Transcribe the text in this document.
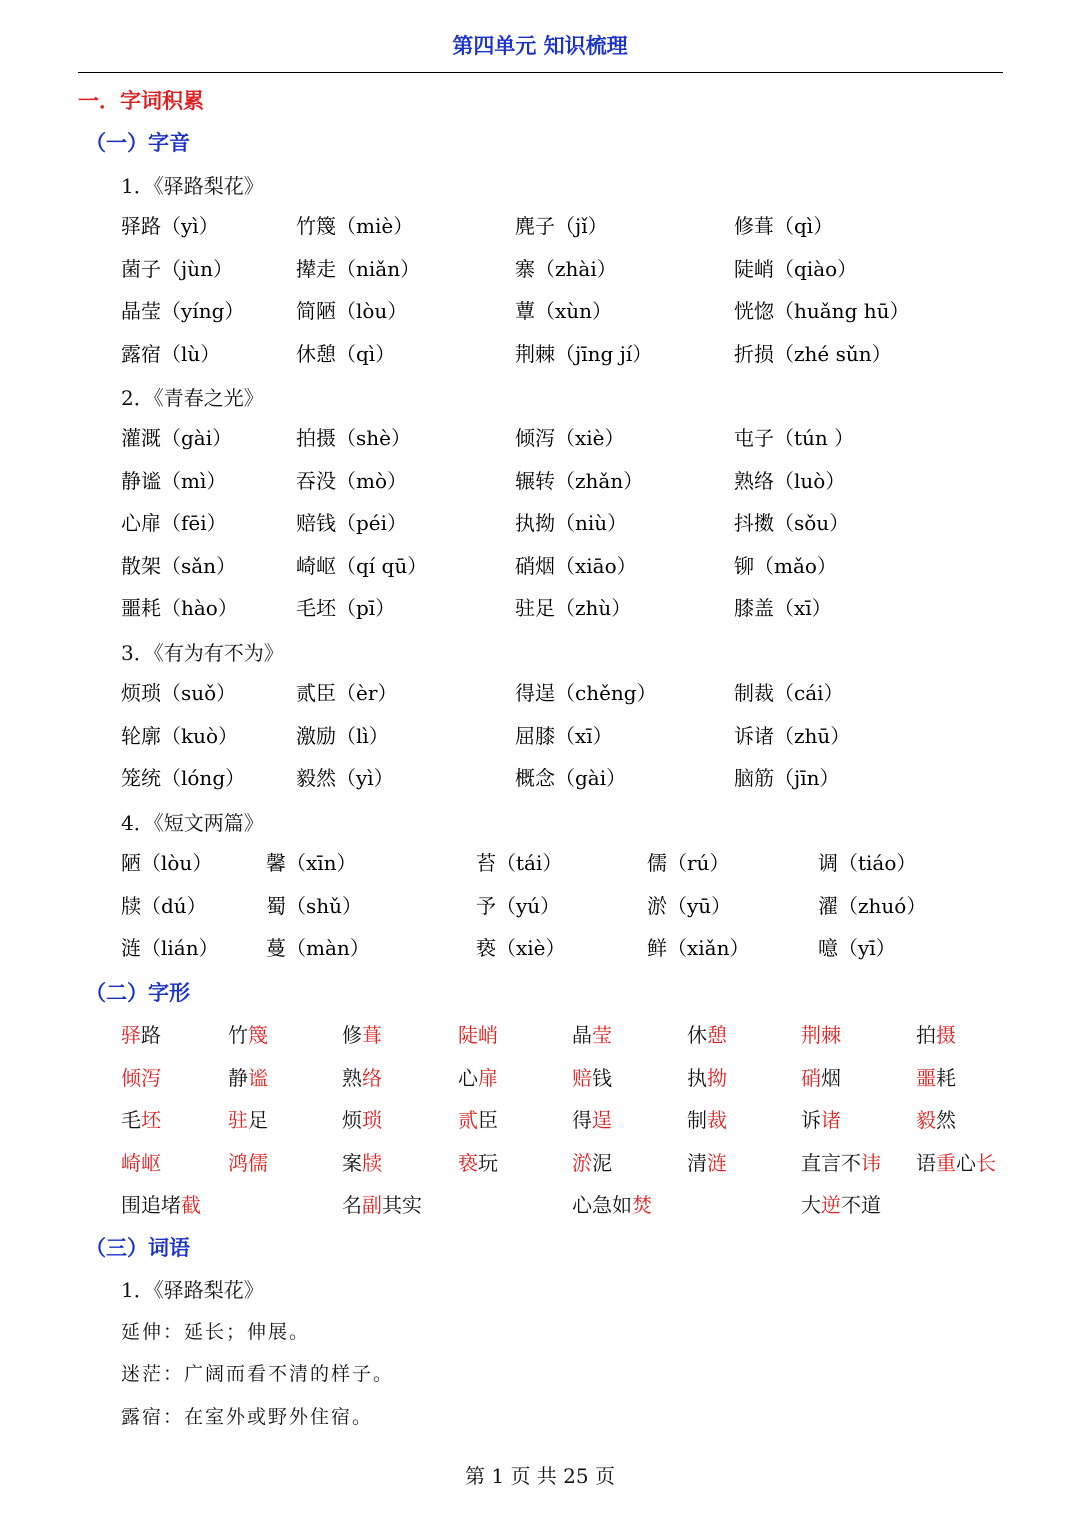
第四单元 知识梳理
一．字词积累
（一）字音
1．《驿路梨花》
驿路（yì）	竹篾（miè）	麂子（jǐ）	修葺（qì）
菌子（jùn）	撵走（niǎn）	寨（zhài）	陡峭（qiào）
晶莹（yíng）	简陋（lòu）	蕈（xùn）	恍惚（huǎng hū）
露宿（lù）	休憩（qì）	荆棘（jīng jí）	折损（zhé sǔn）
2．《青春之光》
灌溉（gài）	拍摄（shè）	倾泻（xiè）	屯子（tún ）
静谧（mì）	吞没（mò）	辗转（zhǎn）	熟络（luò）
心扉（fēi）	赔钱（péi）	执拗（niù）	抖擞（sǒu）
散架（sǎn）	崎岖（qí qū）	硝烟（xiāo）	铆（mǎo）
噩耗（hào）	毛坯（pī）	驻足（zhù）	膝盖（xī）
3．《有为有不为》
烦琐（suǒ）	贰臣（èr）	得逞（chěng）	制裁（cái）
轮廓（kuò）	激励（lì）	屈膝（xī）	诉诸（zhū）
笼统（lóng）	毅然（yì）	概念（gài）	脑筋（jīn）
4．《短文两篇》
陋（lòu）	馨（xīn）	苔（tái）	儒（rú）	调（tiáo）
牍（dú）	蜀（shǔ）	予（yú）	淤（yū）	濯（zhuó）
涟（lián） 蔓（màn）	亵（xiè）	鲜（xiǎn）	噫（yī）
（二）字形
驿路	竹篾	修葺	陡峭	晶莹	休憩	荆棘	拍摄
倾泻	静谧	熟络	心扉	赔钱	执拗	硝烟	噩耗
毛坯	驻足	烦琐	贰臣	得逞	制裁	诉诸	毅然
崎岖	鸿儒	案牍	亵玩	淤泥	清涟	直言不讳 语重心长
围追堵截	名副其实	心急如焚	大逆不道
（三）词语
1．《驿路梨花》
延伸：延长；伸展。
迷茫：广阔而看不清的样子。
露宿：在室外或野外住宿。
第 1 页 共 25 页
